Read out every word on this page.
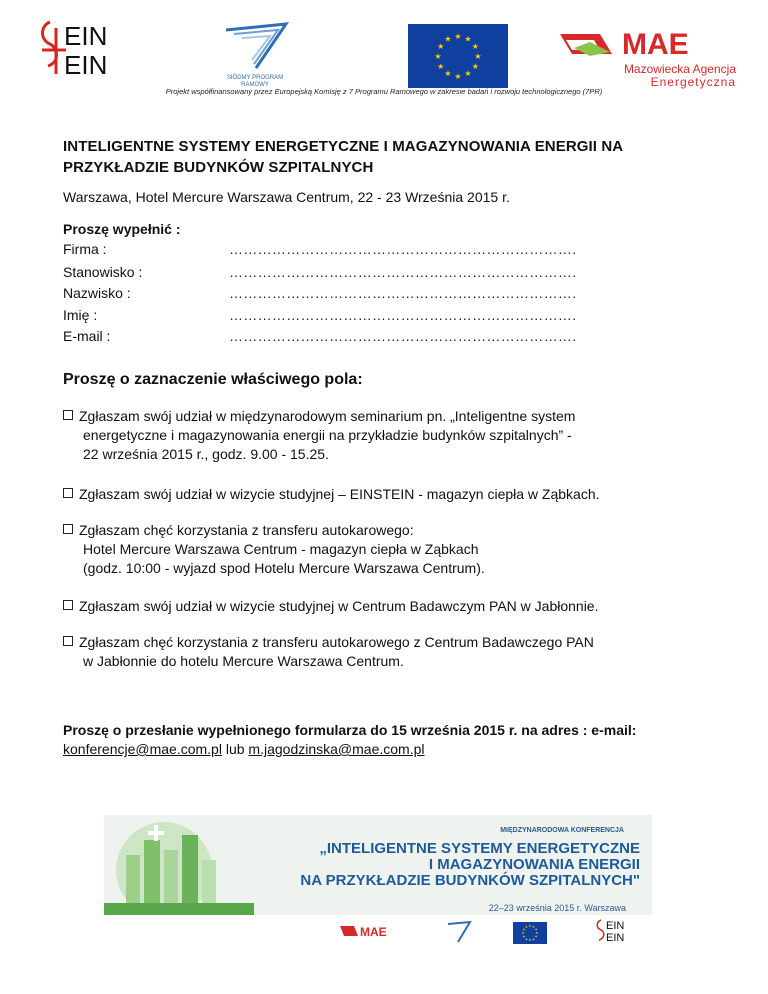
EIN
EIN	SIÓDMY PROGRAM RAMOWY
★
★
★
★
★
★
★
★
★ ★ ★
★	MAE
Mazowiecka Agencja
Energetyczna
Projekt współfinansowany przez Europejską Komisję z 7 Programu Ramowego w zakresie badań i rozwoju technologicznego (7PR)
INTELIGENTNE SYSTEMY ENERGETYCZNE I MAGAZYNOWANIA ENERGII NA
PRZYKŁADZIE BUDYNKÓW SZPITALNYCH
Warszawa, Hotel Mercure Warszawa Centrum, 22 - 23 Września 2015 r.
Proszę wypełnić :
Firma :	……………………………………………………………….
Stanowisko :	……………………………………………………………….
Nazwisko :	……………………………………………………………….
Imię :	……………………………………………………………….
E-mail :	……………………………………………………………….
Proszę o zaznaczenie właściwego pola:
Zgłaszam swój udział w międzynarodowym seminarium pn. „Inteligentne system
energetyczne i magazynowania energii na przykładzie budynków szpitalnych” -
22 września 2015 r., godz. 9.00 - 15.25.
Zgłaszam swój udział w wizycie studyjnej – EINSTEIN - magazyn ciepła w Ząbkach.
Zgłaszam chęć korzystania z transferu autokarowego:
Hotel Mercure Warszawa Centrum - magazyn ciepła w Ząbkach
(godz. 10:00 - wyjazd spod Hotelu Mercure Warszawa Centrum).
Zgłaszam swój udział w wizycie studyjnej w Centrum Badawczym PAN w Jabłonnie.
Zgłaszam chęć korzystania z transferu autokarowego z Centrum Badawczego PAN
w Jabłonnie do hotelu Mercure Warszawa Centrum.
Proszę o przesłanie wypełnionego formularza do 15 września 2015 r. na adres : e-mail:
konferencje@mae.com.pl lub m.jagodzinska@mae.com.pl
MIĘDZYNARODOWA KONFERENCJA
„INTELIGENTNE SYSTEMY ENERGETYCZNE
I MAGAZYNOWANIA ENERGII
NA PRZYKŁADZIE BUDYNKÓW SZPITALNYCH"
22–23 września 2015 r. Warszawa
MAE	★
★
★
★
★
★
★
★
★ ★ ★
★	EIN
EIN
